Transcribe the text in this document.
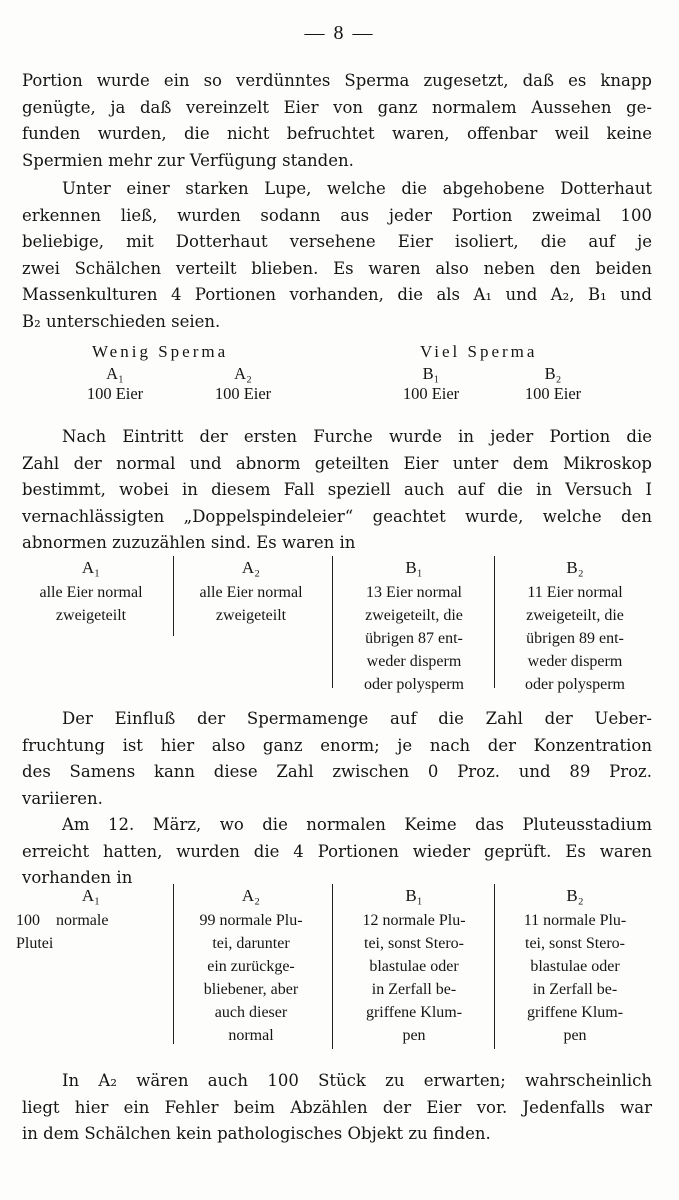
— 8 —
Portion wurde ein so verdünntes Sperma zugesetzt, daß es knapp
genügte, ja daß vereinzelt Eier von ganz normalem Aussehen ge-
funden wurden, die nicht befruchtet waren, offenbar weil keine
Spermien mehr zur Verfügung standen.
Unter einer starken Lupe, welche die abgehobene Dotterhaut
erkennen ließ, wurden sodann aus jeder Portion zweimal 100
beliebige, mit Dotterhaut versehene Eier isoliert, die auf je
zwei Schälchen verteilt blieben. Es waren also neben den beiden
Massenkulturen 4 Portionen vorhanden, die als A₁ und A₂, B₁ und
B₂ unterschieden seien.
Wenig Sperma	Viel Sperma
A₁
100 Eier
A₂
100 Eier
B₁
100 Eier
B₂
100 Eier
Nach Eintritt der ersten Furche wurde in jeder Portion die
Zahl der normal und abnorm geteilten Eier unter dem Mikroskop
bestimmt, wobei in diesem Fall speziell auch auf die in Versuch I
vernachlässigten „Doppelspindeleier“ geachtet wurde, welche den
abnormen zuzuzählen sind. Es waren in
A₁
alle Eier normal
zweigeteilt
A₂
alle Eier normal
zweigeteilt
B₁
13 Eier normal
zweigeteilt, die
übrigen 87 ent-
weder disperm
oder polysperm
B₂
11 Eier normal
zweigeteilt, die
übrigen 89 ent-
weder disperm
oder polysperm
Der Einfluß der Spermamenge auf die Zahl der Ueber-
fruchtung ist hier also ganz enorm; je nach der Konzentration
des Samens kann diese Zahl zwischen 0 Proz. und 89 Proz.
variieren.
Am 12. März, wo die normalen Keime das Pluteusstadium
erreicht hatten, wurden die 4 Portionen wieder geprüft. Es waren
vorhanden in
A₁
100    normale
Plutei
A₂
99 normale Plu-
tei, darunter
ein zurückge-
bliebener, aber
auch dieser
normal
B₁
12 normale Plu-
tei, sonst Stero-
blastulae oder
in Zerfall be-
griffene Klum-
pen
B₂
11 normale Plu-
tei, sonst Stero-
blastulae oder
in Zerfall be-
griffene Klum-
pen
In A₂ wären auch 100 Stück zu erwarten; wahrscheinlich
liegt hier ein Fehler beim Abzählen der Eier vor. Jedenfalls war
in dem Schälchen kein pathologisches Objekt zu finden.
